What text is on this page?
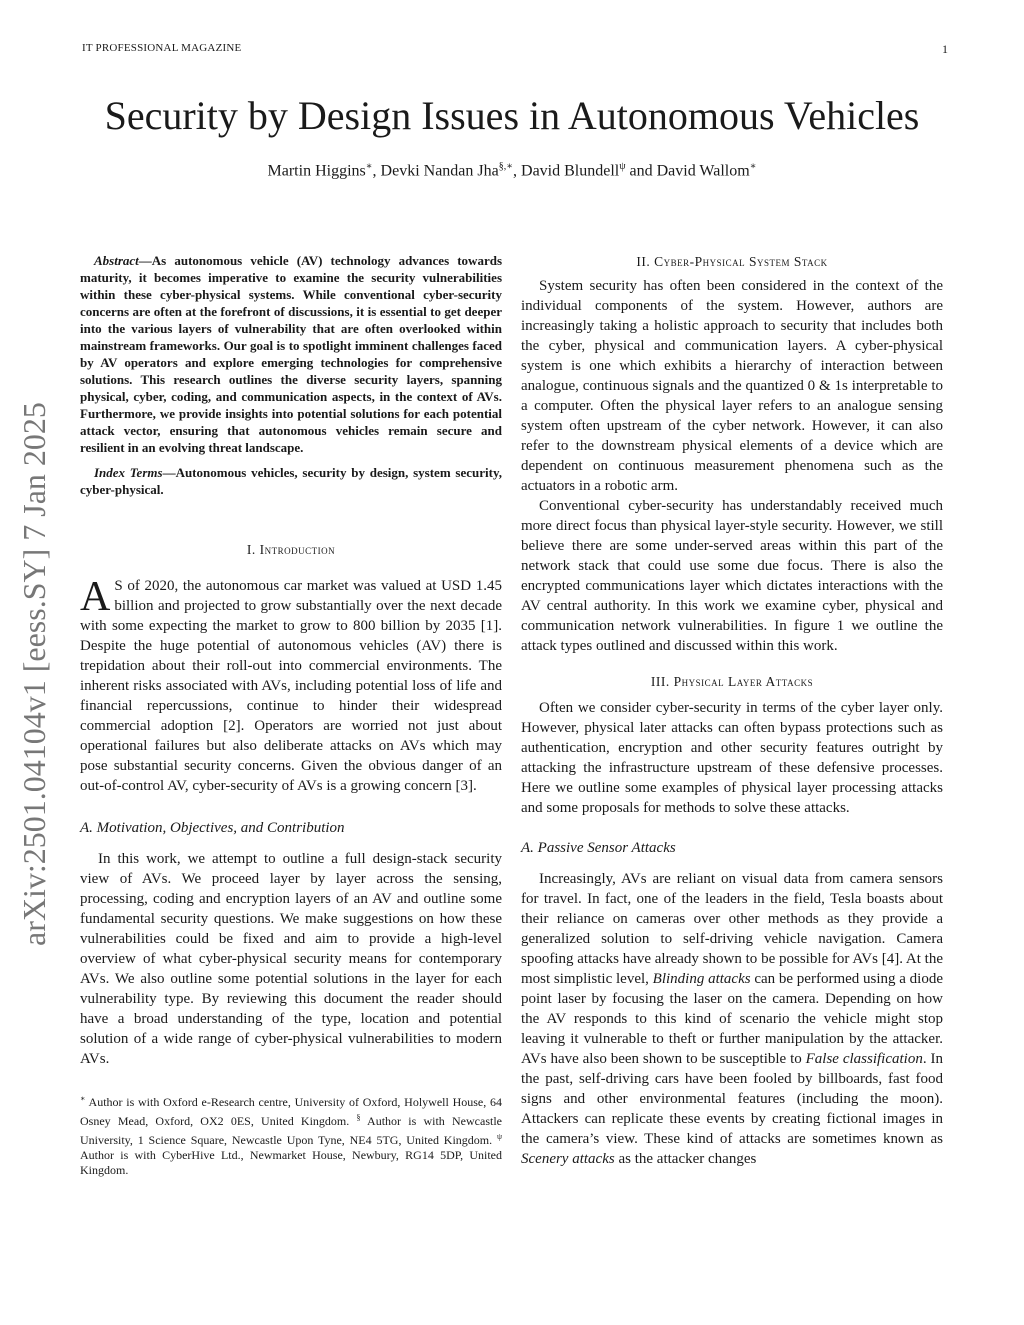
IT PROFESSIONAL MAGAZINE	1
Security by Design Issues in Autonomous Vehicles
Martin Higgins∗, Devki Nandan Jha§,∗, David Blundell$^\psi$ and David Wallom∗
arXiv:2501.04104v1 [eess.SY] 7 Jan 2025

Abstract—As autonomous vehicle (AV) technology advances towards maturity, it becomes imperative to examine the security vulnerabilities within these cyber-physical systems. While conventional cyber-security concerns are often at the forefront of discussions, it is essential to get deeper into the various layers of vulnerability that are often overlooked within mainstream frameworks. Our goal is to spotlight imminent challenges faced by AV operators and explore emerging technologies for comprehensive solutions. This research outlines the diverse security layers, spanning physical, cyber, coding, and communication aspects, in the context of AVs. Furthermore, we provide insights into potential solutions for each potential attack vector, ensuring that autonomous vehicles remain secure and resilient in an evolving threat landscape.

Index Terms—Autonomous vehicles, security by design, system security, cyber-physical.

I. Introduction

A S of 2020, the autonomous car market was valued at USD 1.45 billion and projected to grow substantially over the next decade with some expecting the market to grow to 800 billion by 2035 [1]. Despite the huge potential of autonomous vehicles (AV) there is trepidation about their roll-out into commercial environments. The inherent risks associated with AVs, including potential loss of life and financial repercussions, continue to hinder their widespread commercial adoption [2]. Operators are worried not just about operational failures but also deliberate attacks on AVs which may pose substantial security concerns. Given the obvious danger of an out-of-control AV, cyber-security of AVs is a growing concern [3].

A. Motivation, Objectives, and Contribution

In this work, we attempt to outline a full design-stack security view of AVs. We proceed layer by layer across the sensing, processing, coding and encryption layers of an AV and outline some fundamental security questions. We make suggestions on how these vulnerabilities could be fixed and aim to provide a high-level overview of what cyber-physical security means for contemporary AVs. We also outline some potential solutions in the layer for each vulnerability type. By reviewing this document the reader should have a broad understanding of the type, location and potential solution of a wide range of cyber-physical vulnerabilities to modern AVs.

∗ Author is with Oxford e-Research centre, University of Oxford, Holywell House, 64 Osney Mead, Oxford, OX2 0ES, United Kingdom. § Author is with Newcastle University, 1 Science Square, Newcastle Upon Tyne, NE4 5TG, United Kingdom. $^\psi$ Author is with CyberHive Ltd., Newmarket House, Newbury, RG14 5DP, United Kingdom.

II. Cyber-Physical System Stack

System security has often been considered in the context of the individual components of the system. However, authors are increasingly taking a holistic approach to security that includes both the cyber, physical and communication layers. A cyber-physical system is one which exhibits a hierarchy of interaction between analogue, continuous signals and the quantized 0 & 1s interpretable to a computer. Often the physical layer refers to an analogue sensing system often upstream of the cyber network. However, it can also refer to the downstream physical elements of a device which are dependent on continuous measurement phenomena such as the actuators in a robotic arm.

Conventional cyber-security has understandably received much more direct focus than physical layer-style security. However, we still believe there are some under-served areas within this part of the network stack that could use some due focus. There is also the encrypted communications layer which dictates interactions with the AV central authority. In this work we examine cyber, physical and communication network vulnerabilities. In figure 1 we outline the attack types outlined and discussed within this work.

III. Physical Layer Attacks

Often we consider cyber-security in terms of the cyber layer only. However, physical later attacks can often bypass protections such as authentication, encryption and other security features outright by attacking the infrastructure upstream of these defensive processes. Here we outline some examples of physical layer processing attacks and some proposals for methods to solve these attacks.

A. Passive Sensor Attacks

Increasingly, AVs are reliant on visual data from camera sensors for travel. In fact, one of the leaders in the field, Tesla boasts about their reliance on cameras over other methods as they provide a generalized solution to self-driving vehicle navigation. Camera spoofing attacks have already shown to be possible for AVs [4]. At the most simplistic level, Blinding attacks can be performed using a diode point laser by focusing the laser on the camera. Depending on how the AV responds to this kind of scenario the vehicle might stop leaving it vulnerable to theft or further manipulation by the attacker. AVs have also been shown to be susceptible to False classification. In the past, self-driving cars have been fooled by billboards, fast food signs and other environmental features (including the moon). Attackers can replicate these events by creating fictional images in the camera’s view. These kind of attacks are sometimes known as Scenery attacks as the attacker changes
